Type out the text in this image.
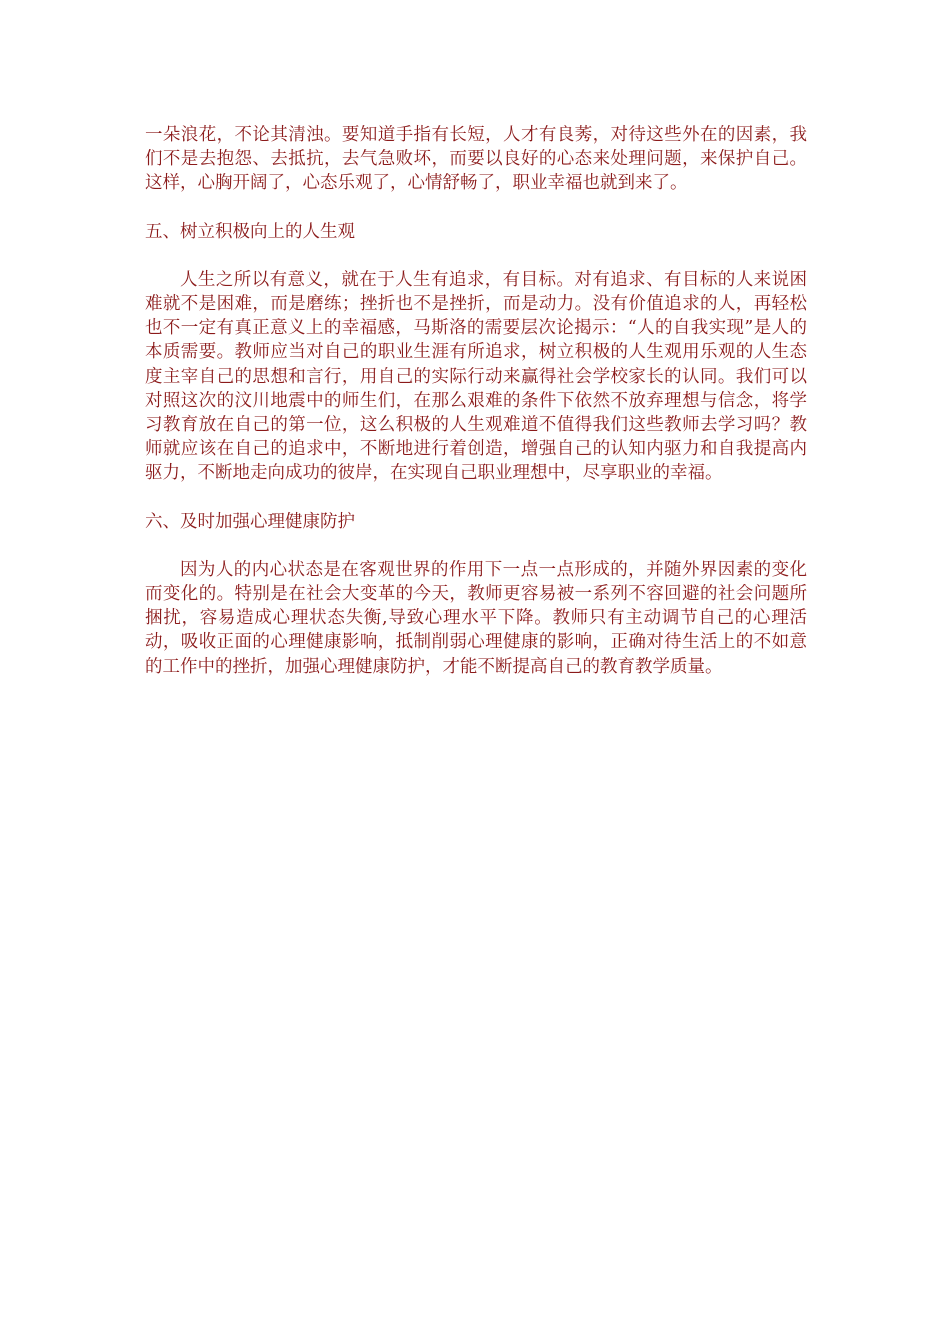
一朵浪花，不论其清浊。要知道手指有长短，人才有良莠，对待这些外在的因素，我们不是去抱怨、去抵抗，去气急败坏，而要以良好的心态来处理问题，来保护自己。这样，心胸开阔了，心态乐观了，心情舒畅了，职业幸福也就到来了。

五、树立积极向上的人生观

人生之所以有意义，就在于人生有追求，有目标。对有追求、有目标的人来说困难就不是困难，而是磨练；挫折也不是挫折，而是动力。没有价值追求的人，再轻松也不一定有真正意义上的幸福感，马斯洛的需要层次论揭示：“人的自我实现”是人的本质需要。教师应当对自己的职业生涯有所追求，树立积极的人生观用乐观的人生态度主宰自己的思想和言行，用自己的实际行动来赢得社会学校家长的认同。我们可以对照这次的汶川地震中的师生们，在那么艰难的条件下依然不放弃理想与信念，将学习教育放在自己的第一位，这么积极的人生观难道不值得我们这些教师去学习吗？教师就应该在自己的追求中，不断地进行着创造，增强自己的认知内驱力和自我提高内驱力，不断地走向成功的彼岸，在实现自己职业理想中，尽享职业的幸福。

六、及时加强心理健康防护

因为人的内心状态是在客观世界的作用下一点一点形成的，并随外界因素的变化而变化的。特别是在社会大变革的今天，教师更容易被一系列不容回避的社会问题所捆扰，容易造成心理状态失衡,导致心理水平下降。教师只有主动调节自己的心理活动，吸收正面的心理健康影响，抵制削弱心理健康的影响，正确对待生活上的不如意的工作中的挫折，加强心理健康防护，才能不断提高自己的教育教学质量。
